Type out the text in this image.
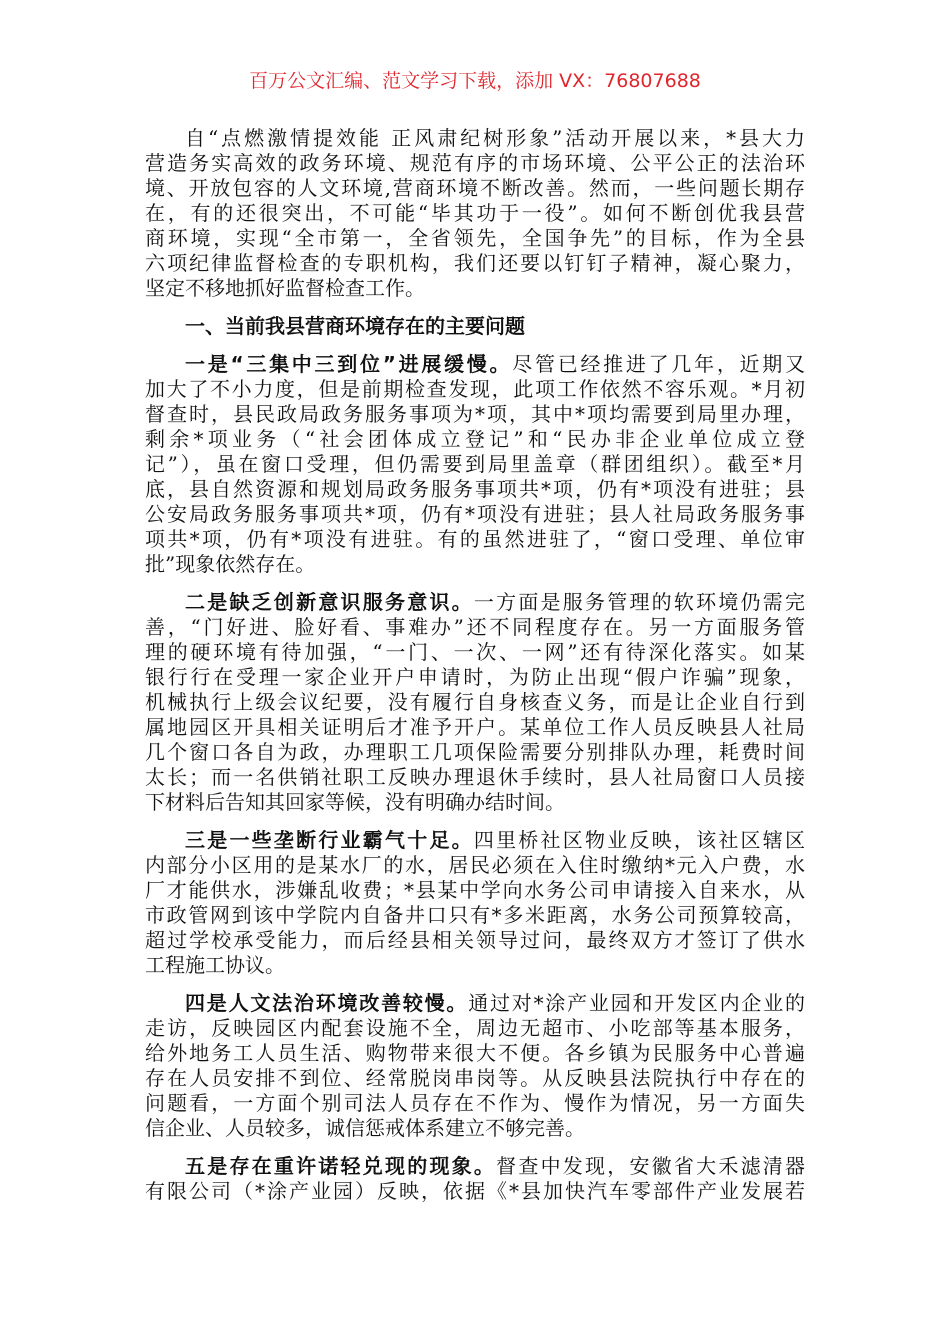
百万公文汇编、范文学习下载，添加 VX：76807688
自“点燃激情提效能 正风肃纪树形象”活动开展以来，*县大力
营造务实高效的政务环境、规范有序的市场环境、公平公正的法治环
境、开放包容的人文环境,营商环境不断改善。然而，一些问题长期存
在，有的还很突出，不可能“毕其功于一役”。如何不断创优我县营
商环境，实现“全市第一，全省领先，全国争先”的目标，作为全县
六项纪律监督检查的专职机构，我们还要以钉钉子精神，凝心聚力，
坚定不移地抓好监督检查工作。
一、当前我县营商环境存在的主要问题
一是“三集中三到位”进展缓慢。尽管已经推进了几年，近期又
加大了不小力度，但是前期检查发现，此项工作依然不容乐观。*月初
督查时，县民政局政务服务事项为*项，其中*项均需要到局里办理，
剩余*项业务（“社会团体成立登记”和“民办非企业单位成立登
记”），虽在窗口受理，但仍需要到局里盖章（群团组织）。截至*月
底，县自然资源和规划局政务服务事项共*项，仍有*项没有进驻；县
公安局政务服务事项共*项，仍有*项没有进驻；县人社局政务服务事
项共*项，仍有*项没有进驻。有的虽然进驻了，“窗口受理、单位审
批”现象依然存在。
二是缺乏创新意识服务意识。一方面是服务管理的软环境仍需完
善，“门好进、脸好看、事难办”还不同程度存在。另一方面服务管
理的硬环境有待加强，“一门、一次、一网”还有待深化落实。如某
银行行在受理一家企业开户申请时，为防止出现“假户诈骗”现象，
机械执行上级会议纪要，没有履行自身核查义务，而是让企业自行到
属地园区开具相关证明后才准予开户。某单位工作人员反映县人社局
几个窗口各自为政，办理职工几项保险需要分别排队办理，耗费时间
太长；而一名供销社职工反映办理退休手续时，县人社局窗口人员接
下材料后告知其回家等候，没有明确办结时间。
三是一些垄断行业霸气十足。四里桥社区物业反映，该社区辖区
内部分小区用的是某水厂的水，居民必须在入住时缴纳*元入户费，水
厂才能供水，涉嫌乱收费；*县某中学向水务公司申请接入自来水，从
市政管网到该中学院内自备井口只有*多米距离，水务公司预算较高，
超过学校承受能力，而后经县相关领导过问，最终双方才签订了供水
工程施工协议。
四是人文法治环境改善较慢。通过对*涂产业园和开发区内企业的
走访，反映园区内配套设施不全，周边无超市、小吃部等基本服务，
给外地务工人员生活、购物带来很大不便。各乡镇为民服务中心普遍
存在人员安排不到位、经常脱岗串岗等。从反映县法院执行中存在的
问题看，一方面个别司法人员存在不作为、慢作为情况，另一方面失
信企业、人员较多，诚信惩戒体系建立不够完善。
五是存在重许诺轻兑现的现象。督查中发现，安徽省大禾滤清器
有限公司（*涂产业园）反映，依据《*县加快汽车零部件产业发展若
